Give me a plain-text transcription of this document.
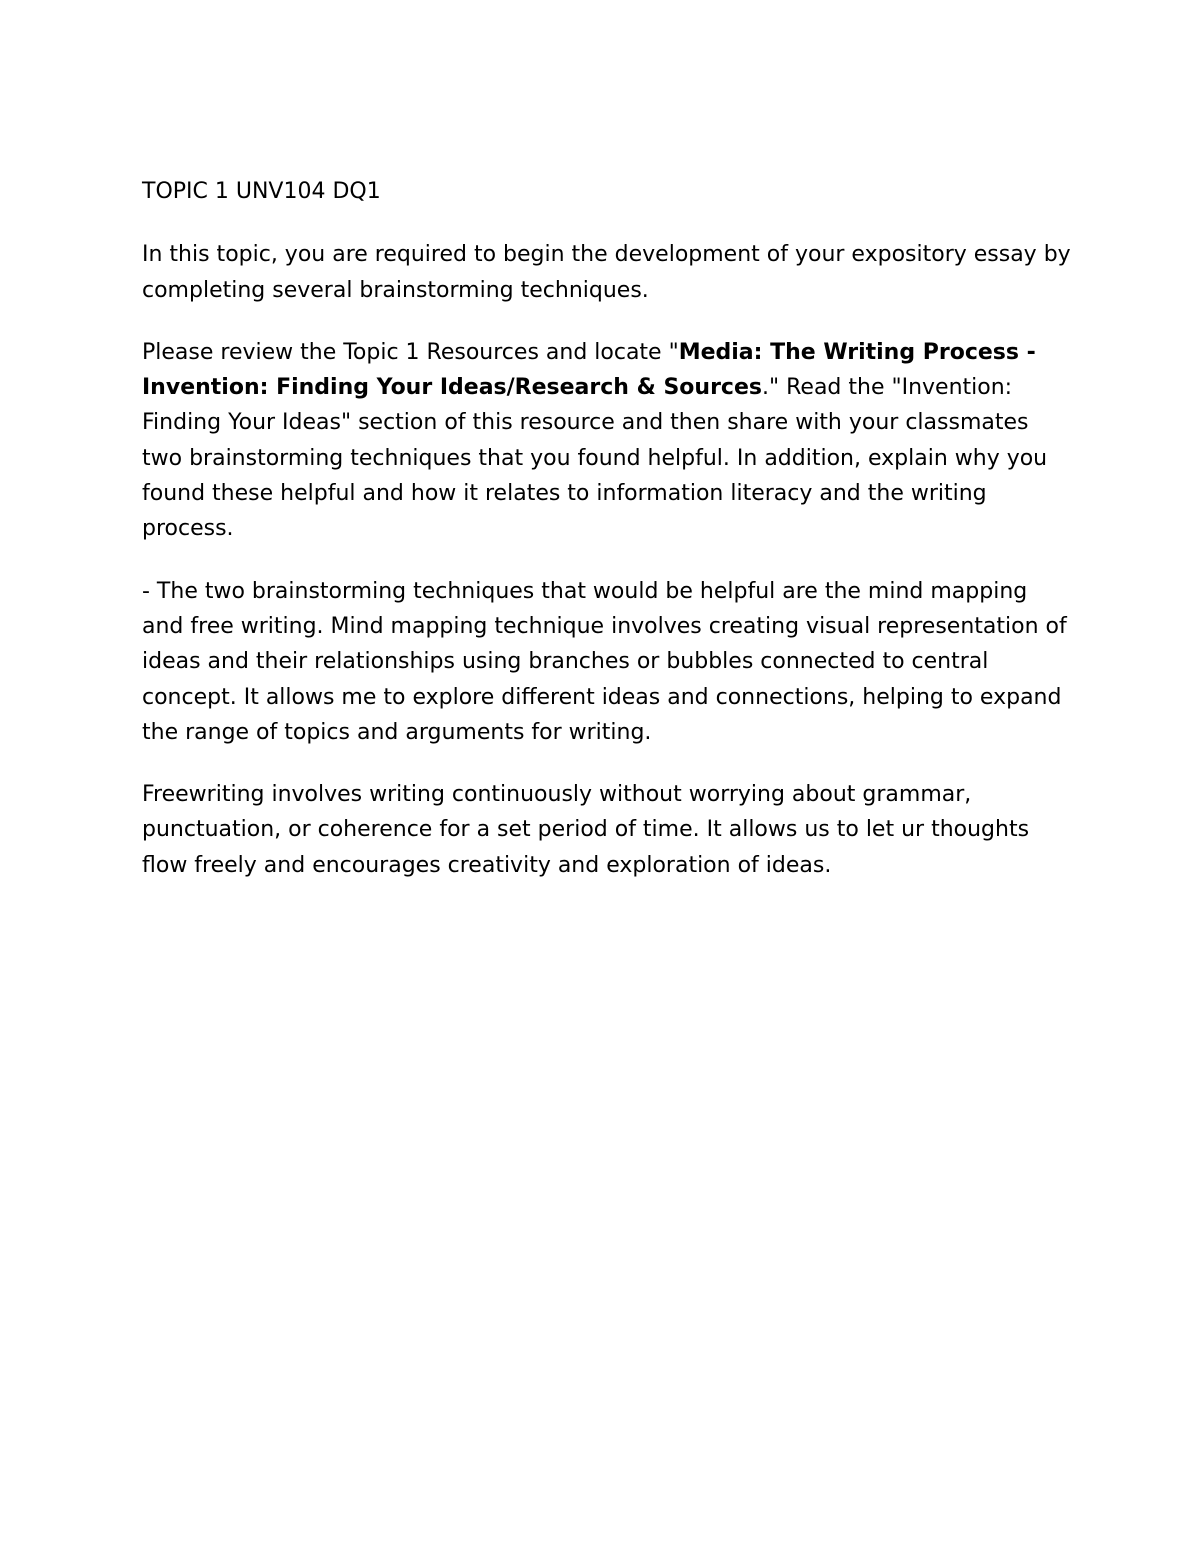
TOPIC 1 UNV104 DQ1

In this topic, you are required to begin the development of your expository essay by completing several brainstorming techniques.

Please review the Topic 1 Resources and locate "Media: The Writing Process - Invention: Finding Your Ideas/Research & Sources." Read the "Invention: Finding Your Ideas" section of this resource and then share with your classmates two brainstorming techniques that you found helpful. In addition, explain why you found these helpful and how it relates to information literacy and the writing process.

- The two brainstorming techniques that would be helpful are the mind mapping and free writing. Mind mapping technique involves creating visual representation of ideas and their relationships using branches or bubbles connected to central concept. It allows me to explore different ideas and connections, helping to expand the range of topics and arguments for writing.

Freewriting involves writing continuously without worrying about grammar, punctuation, or coherence for a set period of time. It allows us to let ur thoughts flow freely and encourages creativity and exploration of ideas.
